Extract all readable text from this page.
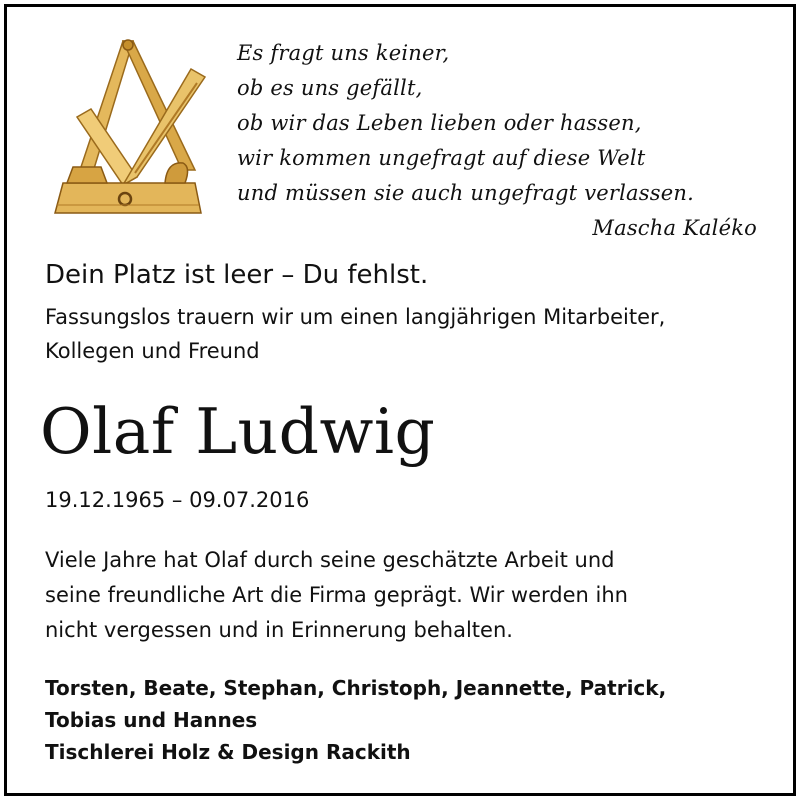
Es fragt uns keiner,
ob es uns gefällt,
ob wir das Leben lieben oder hassen,
wir kommen ungefragt auf diese Welt
und müssen sie auch ungefragt verlassen.
Mascha Kaléko
Dein Platz ist leer – Du fehlst.
Fassungslos trauern wir um einen langjährigen Mitarbeiter,
Kollegen und Freund
Olaf Ludwig
19.12.1965 – 09.07.2016
Viele Jahre hat Olaf durch seine geschätzte Arbeit und
seine freundliche Art die Firma geprägt. Wir werden ihn
nicht vergessen und in Erinnerung behalten.
Torsten, Beate, Stephan, Christoph, Jeannette, Patrick,
Tobias und Hannes
Tischlerei Holz & Design Rackith
